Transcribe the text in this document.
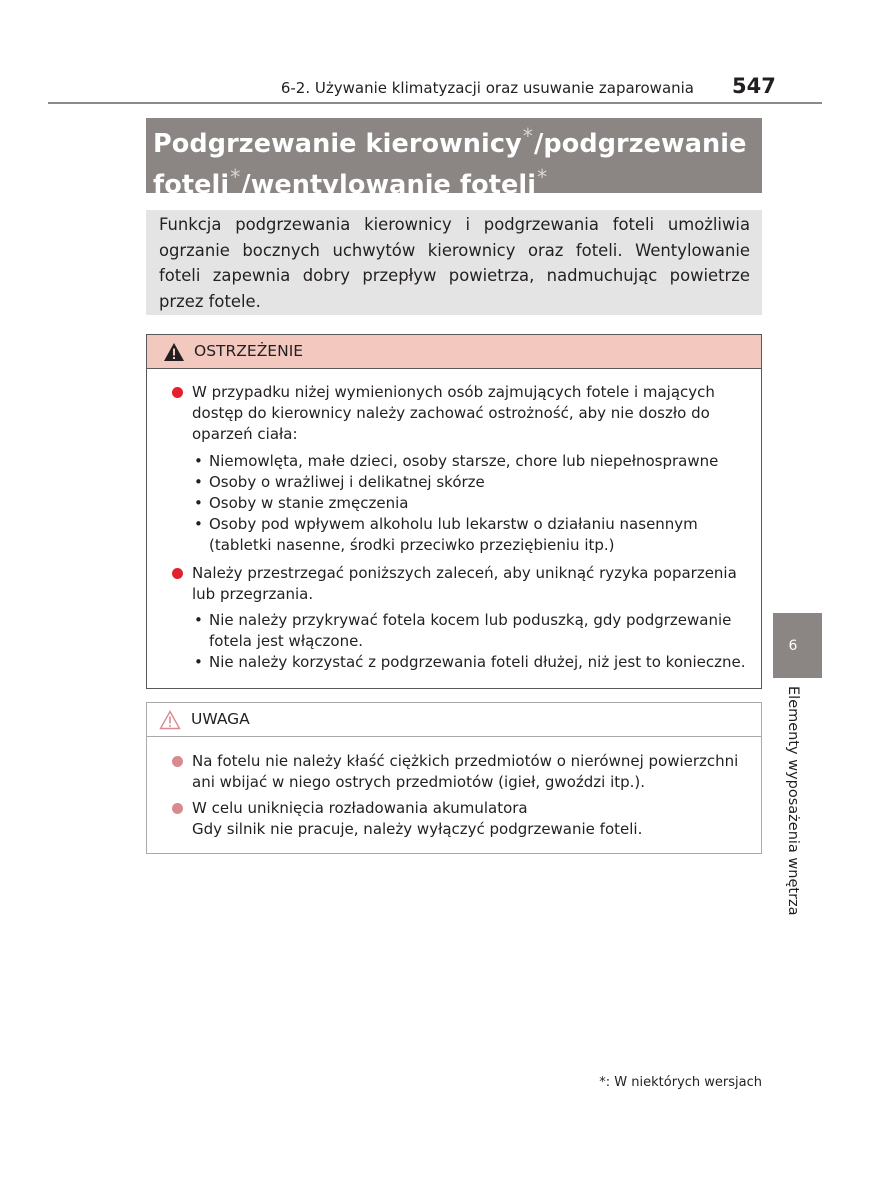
6-2. Używanie klimatyzacji oraz usuwanie zaparowania 547
Podgrzewanie kierownicy*/podgrzewanie
foteli*/wentylowanie foteli*
Funkcja podgrzewania kierownicy i podgrzewania foteli umożliwia ogrzanie bocznych uchwytów kierownicy oraz foteli. Wentylowanie foteli zapewnia dobry przepływ powietrza, nadmuchując powietrze przez fotele.
OSTRZEŻENIE
W przypadku niżej wymienionych osób zajmujących fotele i mających dostęp do kierownicy należy zachować ostrożność, aby nie doszło do oparzeń ciała:
• Niemowlęta, małe dzieci, osoby starsze, chore lub niepełnosprawne
• Osoby o wrażliwej i delikatnej skórze
• Osoby w stanie zmęczenia
• Osoby pod wpływem alkoholu lub lekarstw o działaniu nasennym (tabletki nasenne, środki przeciwko przeziębieniu itp.)
Należy przestrzegać poniższych zaleceń, aby uniknąć ryzyka poparzenia lub przegrzania.
• Nie należy przykrywać fotela kocem lub poduszką, gdy podgrzewanie fotela jest włączone.
• Nie należy korzystać z podgrzewania foteli dłużej, niż jest to konieczne.
UWAGA
Na fotelu nie należy kłaść ciężkich przedmiotów o nierównej powierzchni ani wbijać w niego ostrych przedmiotów (igieł, gwoździ itp.).
W celu uniknięcia rozładowania akumulatora
Gdy silnik nie pracuje, należy wyłączyć podgrzewanie foteli.
6
Elementy wyposażenia wnętrza
*: W niektórych wersjach
